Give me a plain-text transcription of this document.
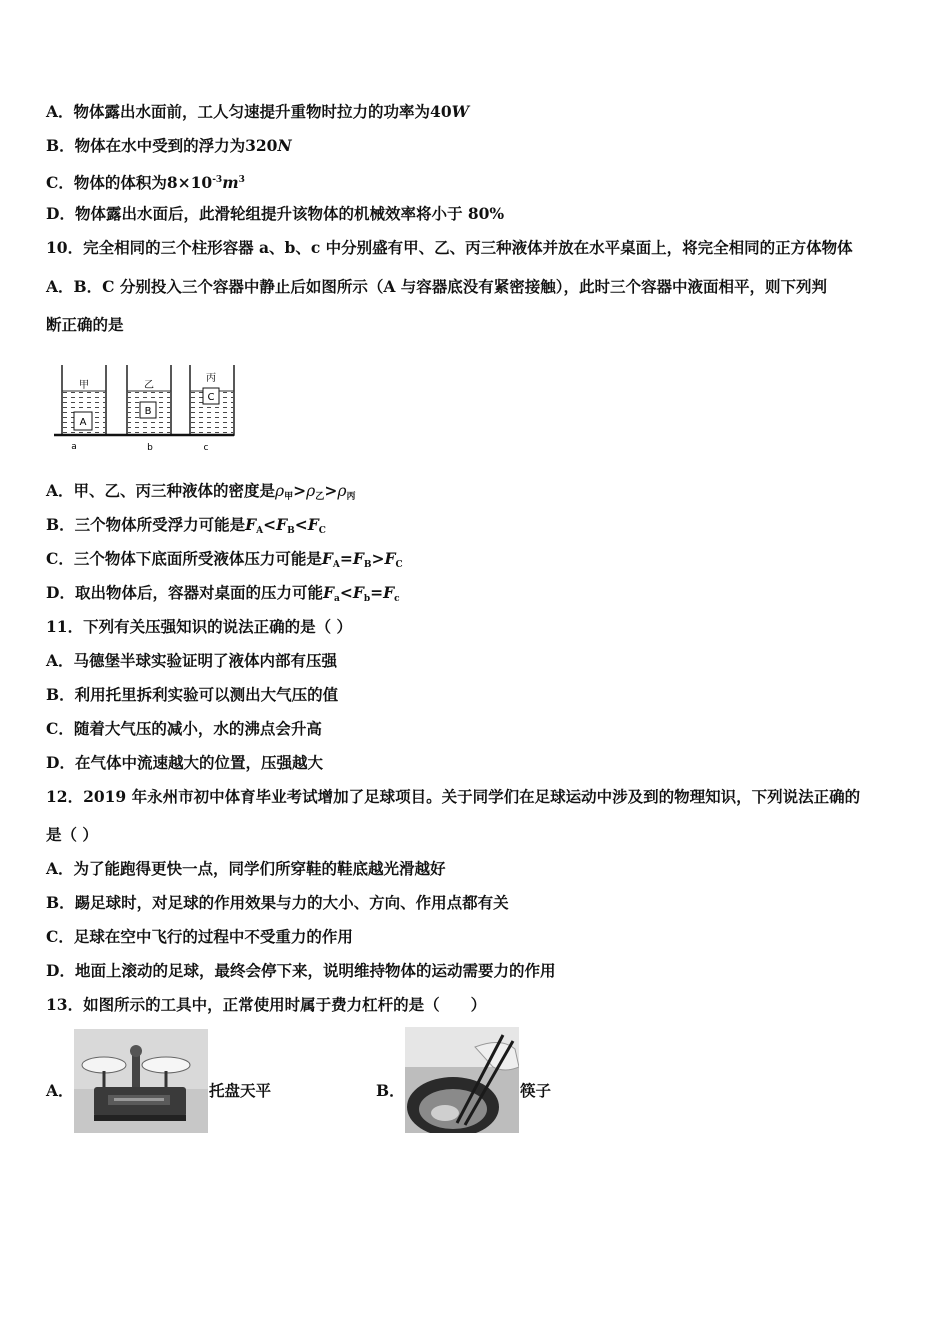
A．物体露出水面前，工人匀速提升重物时拉力的功率为40W
B．物体在水中受到的浮力为320N
C．物体的体积为$8\times 10^{-3}m^3$
D．物体露出水面后，此滑轮组提升该物体的机械效率将小于 80%
10．完全相同的三个柱形容器 a、b、c 中分别盛有甲、乙、丙三种液体并放在水平桌面上，将完全相同的正方体物体
A．B．C 分别投入三个容器中静止后如图所示（A 与容器底没有紧密接触），此时三个容器中液面相平，则下列判
断正确的是
甲	乙
丙
A
B
C
a	b	c
A．甲、乙、丙三种液体的密度是$\rho_甲>\rho_乙>\rho_丙$
B．三个物体所受浮力可能是$F_A<F_B<F_C$
C．三个物体下底面所受液体压力可能是$F_A=F_B>F_C$
D．取出物体后，容器对桌面的压力可能$F_a<F_b=F_c$
11．下列有关压强知识的说法正确的是（ ）
A．马德堡半球实验证明了液体内部有压强
B．利用托里拆利实验可以测出大气压的值
C．随着大气压的减小，水的沸点会升高
D．在气体中流速越大的位置，压强越大
12．2019 年永州市初中体育毕业考试增加了足球项目。关于同学们在足球运动中涉及到的物理知识，下列说法正确的
是（ ）
A．为了能跑得更快一点，同学们所穿鞋的鞋底越光滑越好
B．踢足球时，对足球的作用效果与力的大小、方向、作用点都有关
C．足球在空中飞行的过程中不受重力的作用
D．地面上滚动的足球，最终会停下来，说明维持物体的运动需要力的作用
13．如图所示的工具中，正常使用时属于费力杠杆的是（　　）
A．	托盘天平	B．	筷子
